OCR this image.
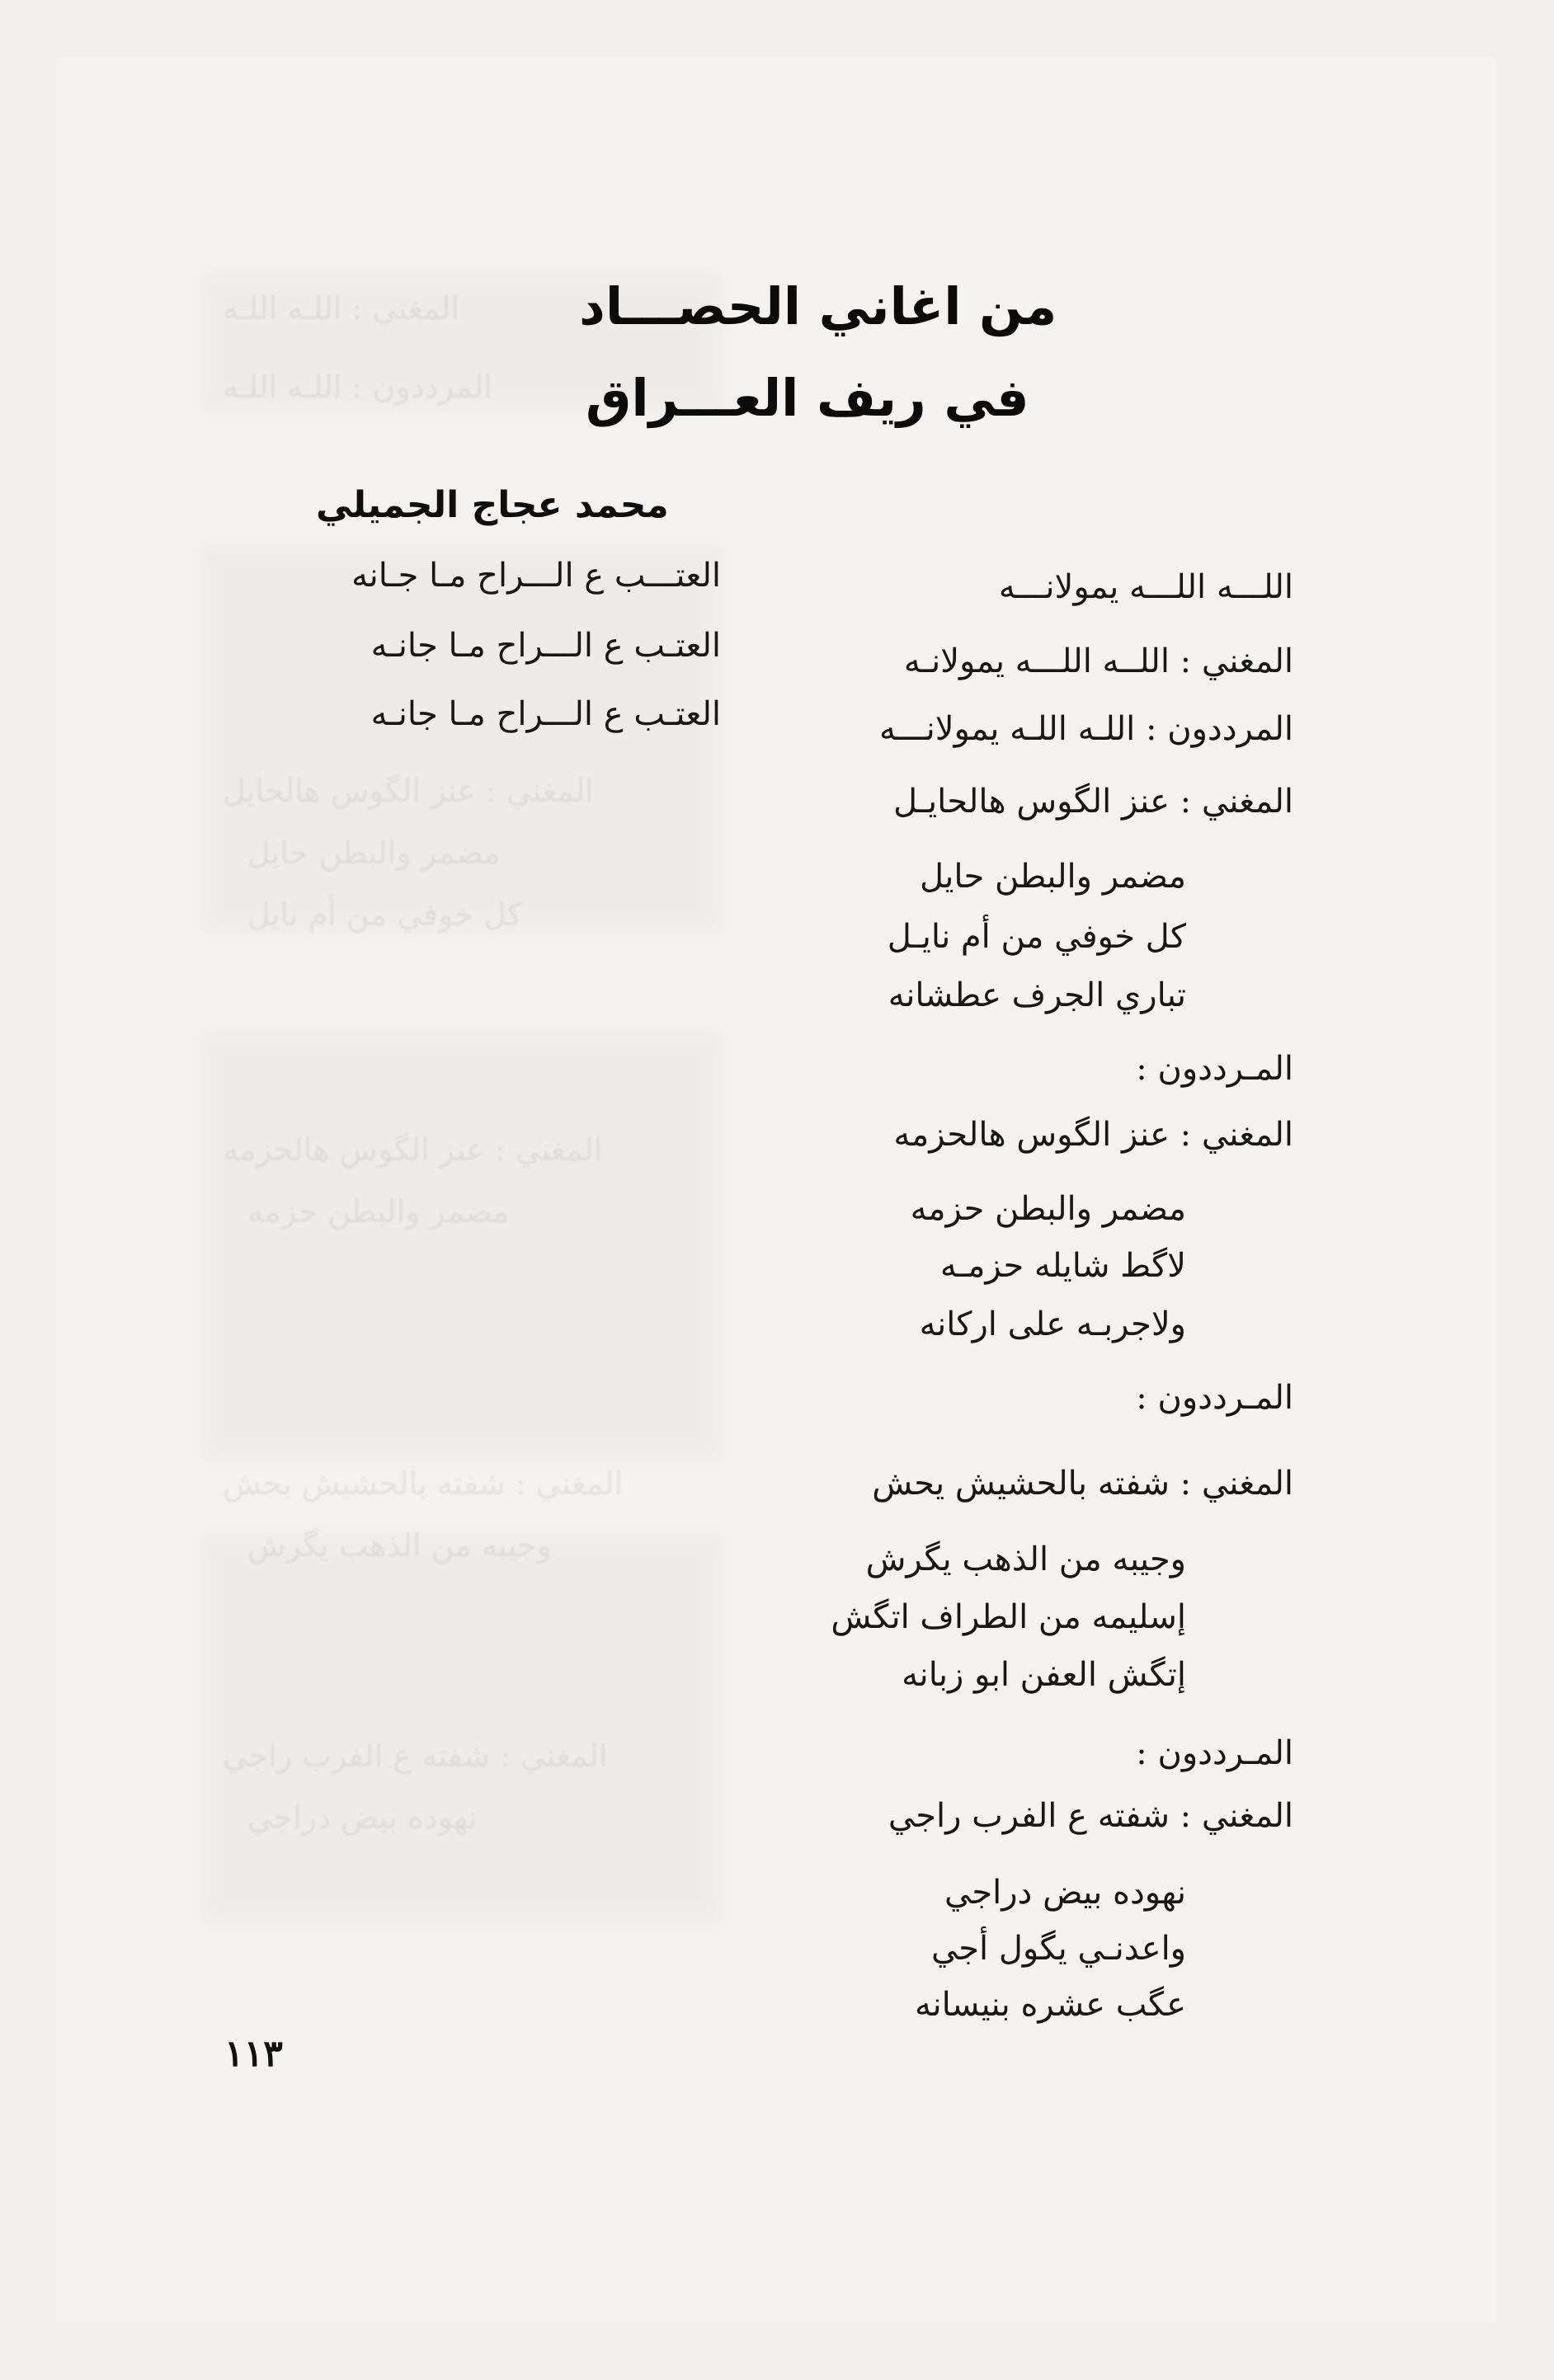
المغني : اللـه اللـه
المرددون : اللـه اللـه
المغني : عنز الگوس هالحايل
مضمر والبطن حايل
كل خوفي من أم نايل
المغني : عنز الگوس هالحزمه
مضمر والبطن حزمه
المغني : شفته بالحشيش يحش
وجيبه من الذهب يگرش
المغني : شفته ع الفرب راجي
نهوده بيض دراجي
من اغاني الحصـــاد
في ريف العـــراق
محمد عجاج الجميلي
العتـــب ع الـــراح مـا جـانه
العتـب ع الـــراح مـا جانـه
العتـب ع الـــراح مـا جانـه
اللـــه اللـــه يمولانـــه
المغني : اللــه اللـــه يمولانـه
المرددون : اللـه اللـه يمولانـــه
المغني : عنز الگوس هالحايـل
مضمر والبطن حايل
كل خوفي من أم نايـل
تباري الجرف عطشانه
المـرددون :
المغني : عنز الگوس هالحزمه
مضمر والبطن حزمه
لاگط شايله حزمـه
ولاجربـه على اركانه
المـرددون :
المغني : شفته بالحشيش يحش
وجيبه من الذهب يگرش
إسليمه من الطراف اتگش
إتگش العفن ابو زبانه
المـرددون :
المغني : شفته ع الفرب راجي
نهوده بيض دراجي
واعدنـي يگول أجي
عگب عشره بنيسانه
١١٣
